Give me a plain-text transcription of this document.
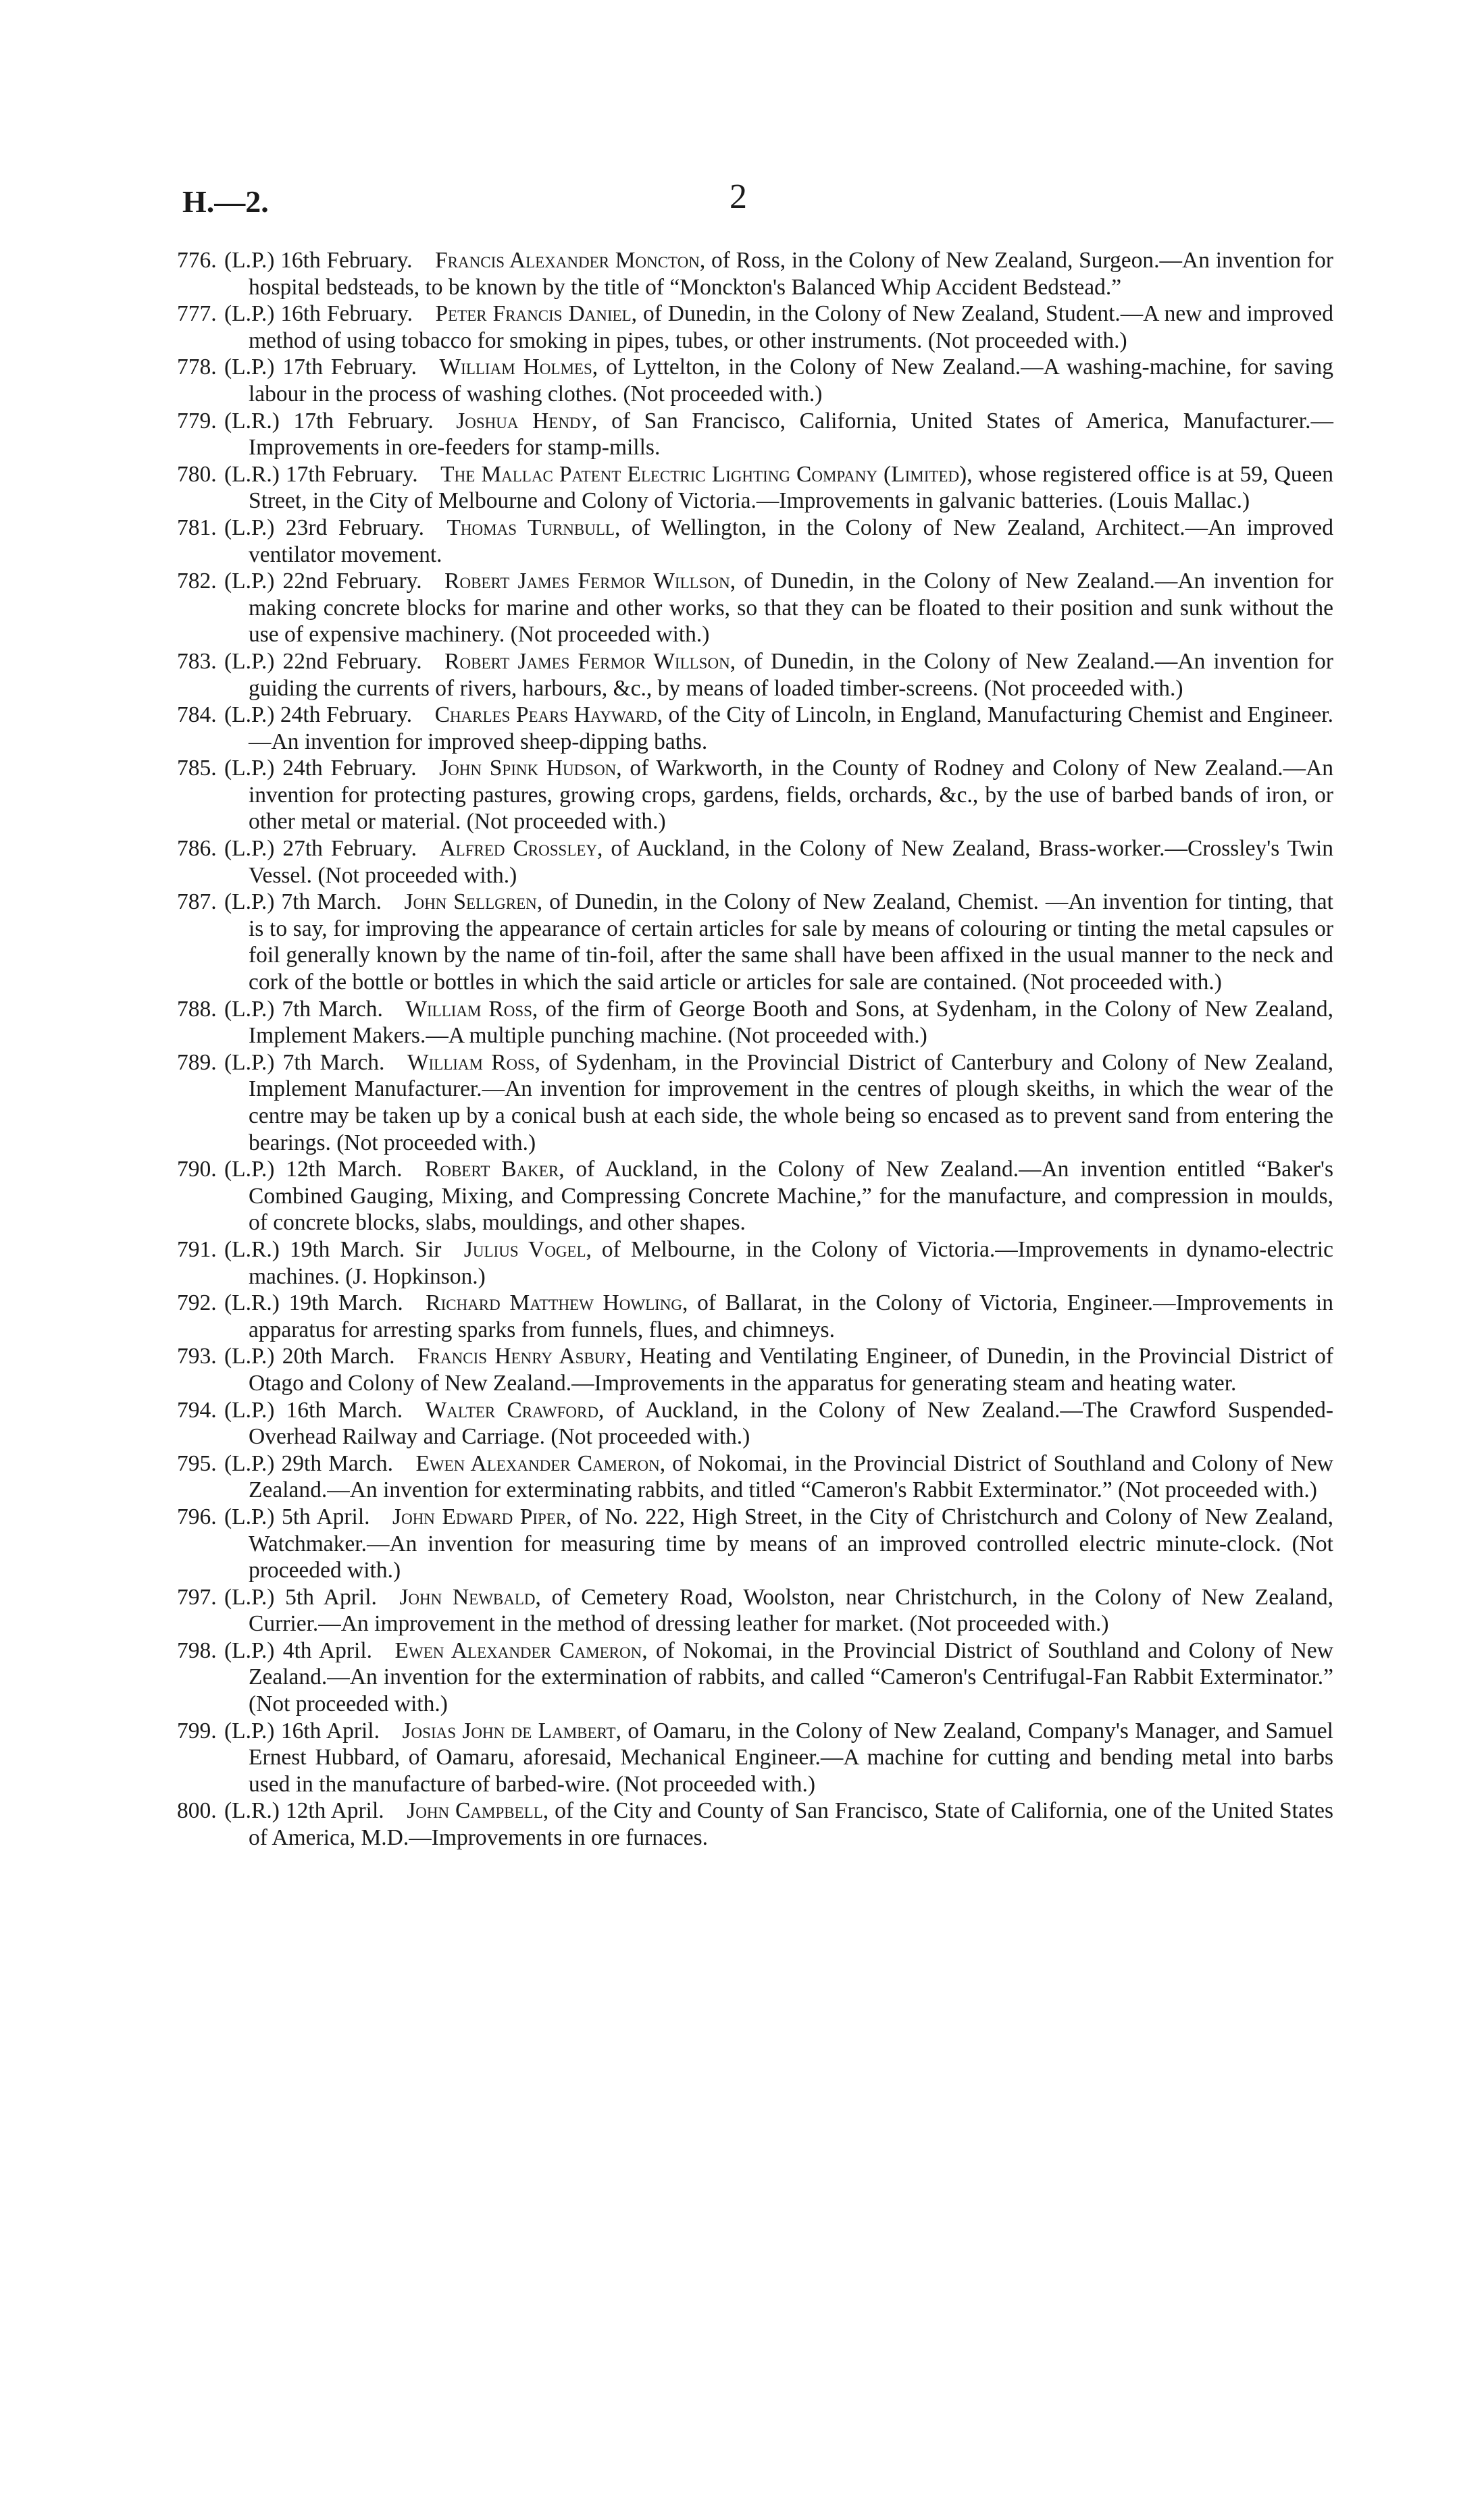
H.—2.	2
776. (L.P.) 16th February.  Francis Alexander Moncton, of Ross, in the Colony of New Zealand, Surgeon.—An invention for hospital bedsteads, to be known by the title of “Monckton's Balanced Whip Accident Bedstead.”
777. (L.P.) 16th February.  Peter Francis Daniel, of Dunedin, in the Colony of New Zealand, Student.—A new and improved method of using tobacco for smoking in pipes, tubes, or other instruments. (Not proceeded with.)
778. (L.P.) 17th February.  William Holmes, of Lyttelton, in the Colony of New Zealand.—A washing-machine, for saving labour in the process of washing clothes. (Not proceeded with.)
779. (L.R.) 17th February.  Joshua Hendy, of San Francisco, California, United States of America, Manufacturer.—Improvements in ore-feeders for stamp-mills.
780. (L.R.) 17th February.  The Mallac Patent Electric Lighting Company (Limited), whose registered office is at 59, Queen Street, in the City of Melbourne and Colony of Victoria.—Improvements in galvanic batteries. (Louis Mallac.)
781. (L.P.) 23rd February.  Thomas Turnbull, of Wellington, in the Colony of New Zealand, Architect.—An improved ventilator movement.
782. (L.P.) 22nd February.  Robert James Fermor Willson, of Dunedin, in the Colony of New Zealand.—An invention for making concrete blocks for marine and other works, so that they can be floated to their position and sunk without the use of expensive machinery. (Not proceeded with.)
783. (L.P.) 22nd February.  Robert James Fermor Willson, of Dunedin, in the Colony of New Zealand.—An invention for guiding the currents of rivers, harbours, &c., by means of loaded timber-screens. (Not proceeded with.)
784. (L.P.) 24th February.  Charles Pears Hayward, of the City of Lincoln, in England, Manufacturing Chemist and Engineer.—An invention for improved sheep-dipping baths.
785. (L.P.) 24th February.  John Spink Hudson, of Warkworth, in the County of Rodney and Colony of New Zealand.—An invention for protecting pastures, growing crops, gardens, fields, orchards, &c., by the use of barbed bands of iron, or other metal or material. (Not proceeded with.)
786. (L.P.) 27th February.  Alfred Crossley, of Auckland, in the Colony of New Zealand, Brass-worker.—Crossley's Twin Vessel. (Not proceeded with.)
787. (L.P.) 7th March.  John Sellgren, of Dunedin, in the Colony of New Zealand, Chemist. —An invention for tinting, that is to say, for improving the appearance of certain articles for sale by means of colouring or tinting the metal capsules or foil generally known by the name of tin-foil, after the same shall have been affixed in the usual manner to the neck and cork of the bottle or bottles in which the said article or articles for sale are contained. (Not proceeded with.)
788. (L.P.) 7th March.  William Ross, of the firm of George Booth and Sons, at Sydenham, in the Colony of New Zealand, Implement Makers.—A multiple punching machine. (Not proceeded with.)
789. (L.P.) 7th March.  William Ross, of Sydenham, in the Provincial District of Canterbury and Colony of New Zealand, Implement Manufacturer.—An invention for improvement in the centres of plough skeiths, in which the wear of the centre may be taken up by a conical bush at each side, the whole being so encased as to prevent sand from entering the bearings. (Not proceeded with.)
790. (L.P.) 12th March.  Robert Baker, of Auckland, in the Colony of New Zealand.—An invention entitled “Baker's Combined Gauging, Mixing, and Compressing Concrete Machine,” for the manufacture, and compression in moulds, of concrete blocks, slabs, mouldings, and other shapes.
791. (L.R.) 19th March. Sir  Julius Vogel, of Melbourne, in the Colony of Victoria.—Improvements in dynamo-electric machines. (J. Hopkinson.)
792. (L.R.) 19th March.  Richard Matthew Howling, of Ballarat, in the Colony of Victoria, Engineer.—Improvements in apparatus for arresting sparks from funnels, flues, and chimneys.
793. (L.P.) 20th March.  Francis Henry Asbury, Heating and Ventilating Engineer, of Dunedin, in the Provincial District of Otago and Colony of New Zealand.—Improvements in the apparatus for generating steam and heating water.
794. (L.P.) 16th March.  Walter Crawford, of Auckland, in the Colony of New Zealand.—The Crawford Suspended-Overhead Railway and Carriage. (Not proceeded with.)
795. (L.P.) 29th March.  Ewen Alexander Cameron, of Nokomai, in the Provincial District of Southland and Colony of New Zealand.—An invention for exterminating rabbits, and titled “Cameron's Rabbit Exterminator.” (Not proceeded with.)
796. (L.P.) 5th April.  John Edward Piper, of No. 222, High Street, in the City of Christchurch and Colony of New Zealand, Watchmaker.—An invention for measuring time by means of an improved controlled electric minute-clock. (Not proceeded with.)
797. (L.P.) 5th April.  John Newbald, of Cemetery Road, Woolston, near Christchurch, in the Colony of New Zealand, Currier.—An improvement in the method of dressing leather for market. (Not proceeded with.)
798. (L.P.) 4th April.  Ewen Alexander Cameron, of Nokomai, in the Provincial District of Southland and Colony of New Zealand.—An invention for the extermination of rabbits, and called “Cameron's Centrifugal-Fan Rabbit Exterminator.” (Not proceeded with.)
799. (L.P.) 16th April.  Josias John de Lambert, of Oamaru, in the Colony of New Zealand, Company's Manager, and Samuel Ernest Hubbard, of Oamaru, aforesaid, Mechanical Engineer.—A machine for cutting and bending metal into barbs used in the manufacture of barbed-wire. (Not proceeded with.)
800. (L.R.) 12th April.  John Campbell, of the City and County of San Francisco, State of California, one of the United States of America, M.D.—Improvements in ore furnaces.
